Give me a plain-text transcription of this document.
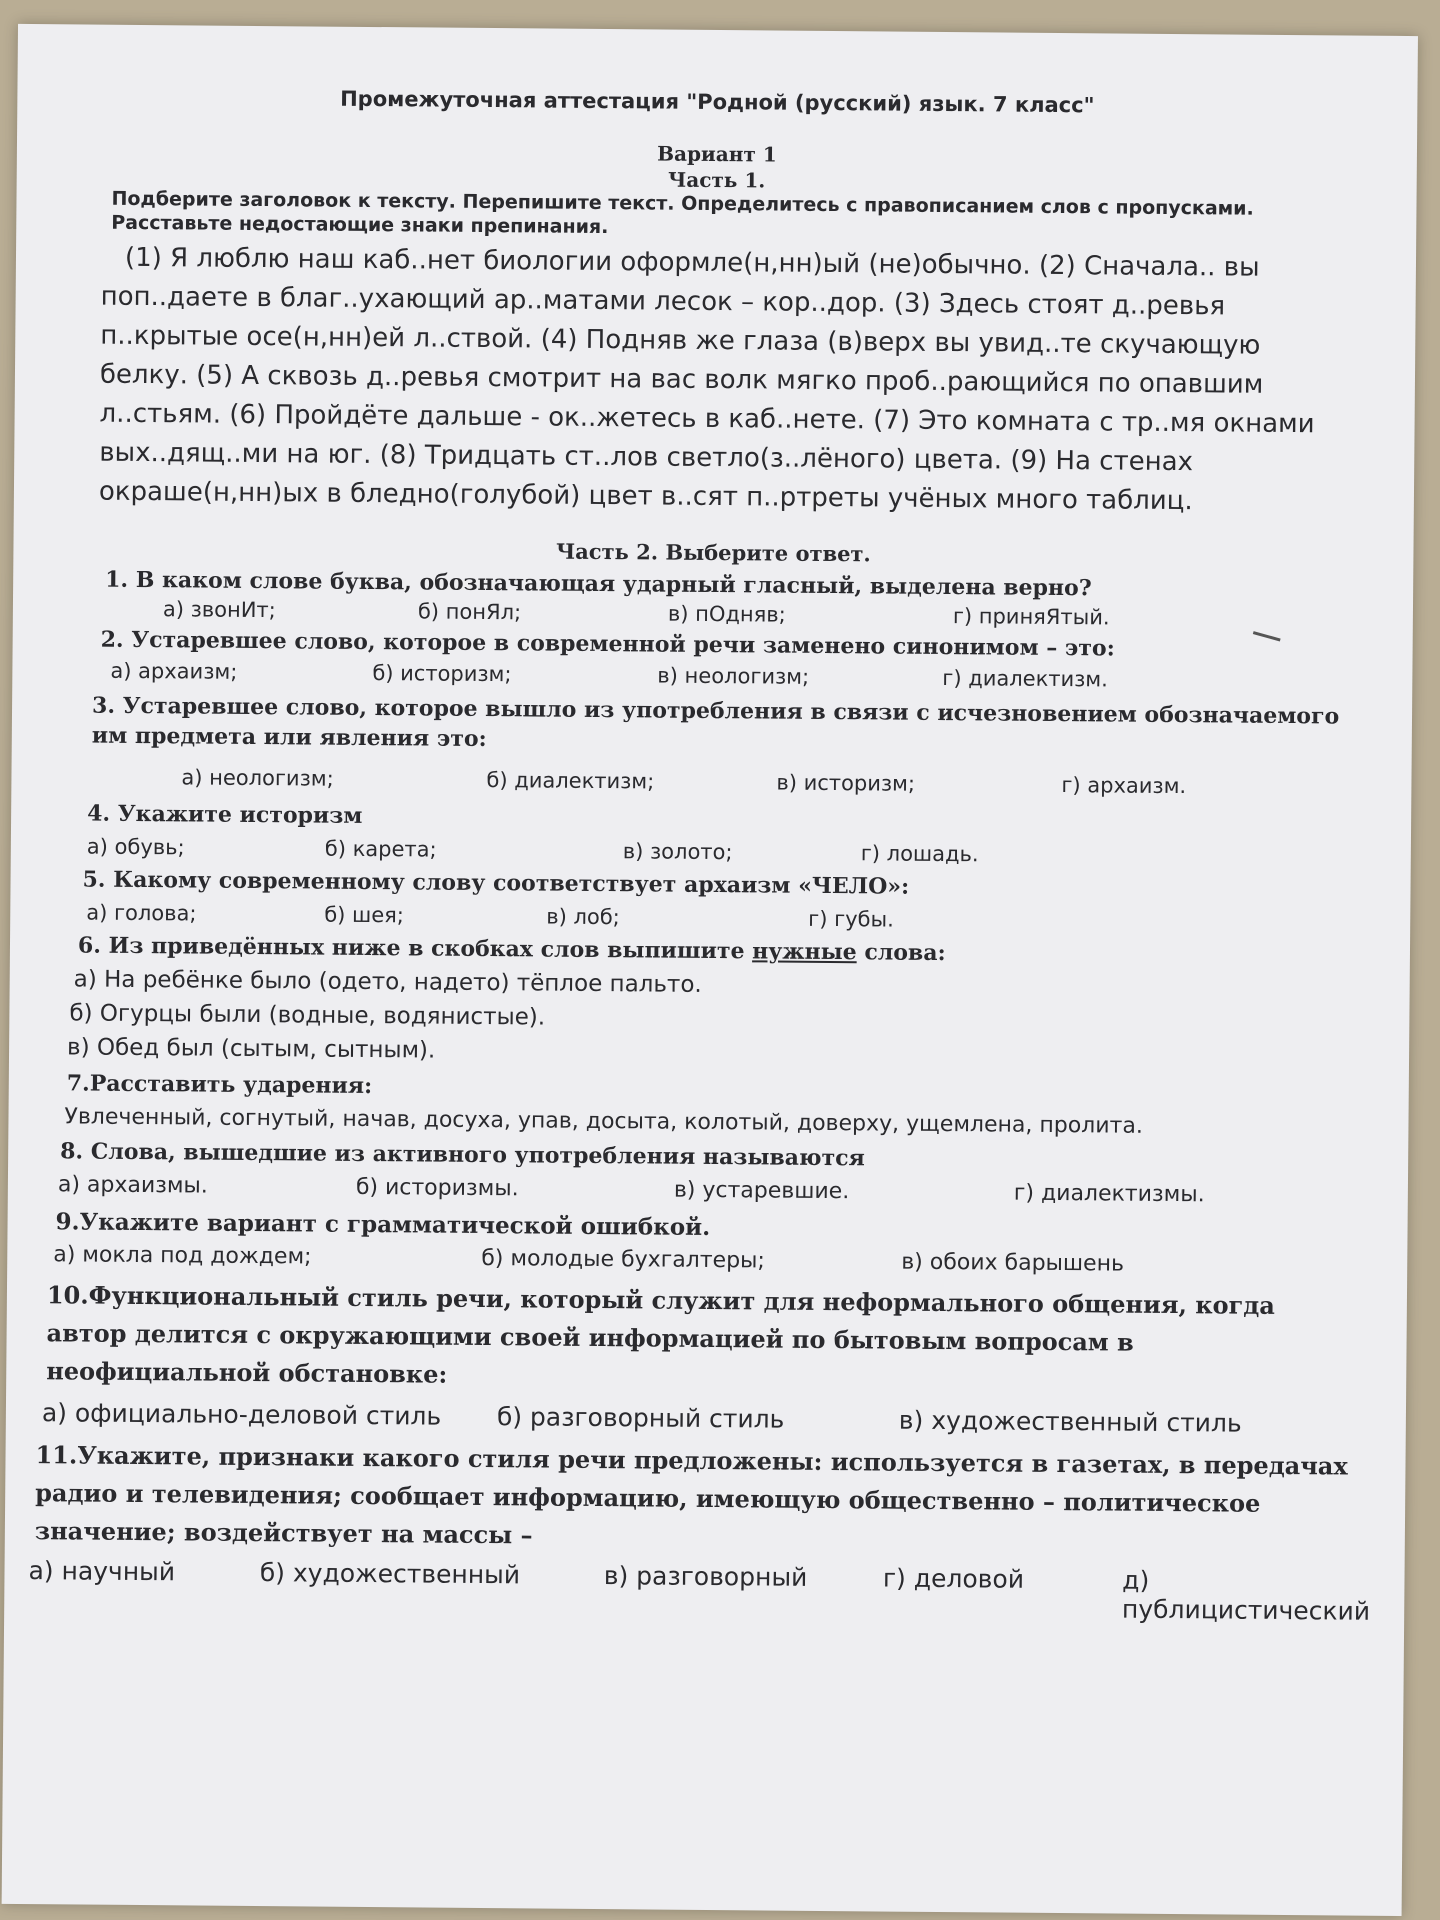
Промежуточная аттестация "Родной (русский) язык. 7 класс"
Вариант 1
Часть 1.
Подберите заголовок к тексту. Перепишите текст. Определитесь с правописанием слов с пропусками. Расставьте недостающие знаки препинания.
(1) Я люблю наш каб..нет биологии оформле(н,нн)ый (не)обычно. (2) Сначала.. вы поп..даете в благ..ухающий ар..матами лесок – кор..дор. (3) Здесь стоят д..ревья п..крытые осе(н,нн)ей л..ствой. (4) Подняв же глаза (в)верх вы увид..те скучающую белку. (5) А сквозь д..ревья смотрит на вас волк мягко проб..рающийся по опавшим л..стьям. (6) Пройдёте дальше - ок..жетесь в каб..нете. (7) Это комната с тр..мя окнами вых..дящ..ми на юг. (8) Тридцать ст..лов светло(з..лёного) цвета. (9) На стенах окраше(н,нн)ых в бледно(голубой) цвет в..сят п..ртреты учёных много таблиц.
Часть 2. Выберите ответ.
1. В каком слове буква, обозначающая ударный гласный, выделена верно?
а) звонИт;	б) понЯл;	в) пОдняв;	г) приняЯтый.
2. Устаревшее слово, которое в современной речи заменено синонимом – это:
а) архаизм;	б) историзм;	в) неологизм;	г) диалектизм.
3. Устаревшее слово, которое вышло из употребления в связи с исчезновением обозначаемого им предмета или явления это:
а) неологизм;	б) диалектизм;	в) историзм;	г) архаизм.
4. Укажите историзм
а) обувь;	б) карета;	в) золото;	г) лошадь.
5. Какому современному слову соответствует архаизм «ЧЕЛО»:
а) голова;	б) шея;	в) лоб;	г) губы.
6. Из приведённых ниже в скобках слов выпишите нужные слова:
а) На ребёнке было (одето, надето) тёплое пальто.
б) Огурцы были (водные, водянистые).
в) Обед был (сытым, сытным).
7.Расставить ударения:
Увлеченный, согнутый, начав, досуха, упав, досыта, колотый, доверху, ущемлена, пролита.
8. Слова, вышедшие из активного употребления называются
а) архаизмы.	б) историзмы.	в) устаревшие.	г) диалектизмы.
9.Укажите вариант с грамматической ошибкой.
а) мокла под дождем;	б) молодые бухгалтеры;	в) обоих барышень
10.Функциональный стиль речи, который служит для неформального общения, когда автор делится с окружающими своей информацией по бытовым вопросам в неофициальной обстановке:
а) официально-деловой стиль	б) разговорный стиль	в) художественный стиль
11.Укажите, признаки какого стиля речи предложены: используется в газетах, в передачах радио и телевидения; сообщает информацию, имеющую общественно – политическое значение; воздействует на массы –
а) научный	б) художественный	в) разговорный	г) деловой	д) публицистический
